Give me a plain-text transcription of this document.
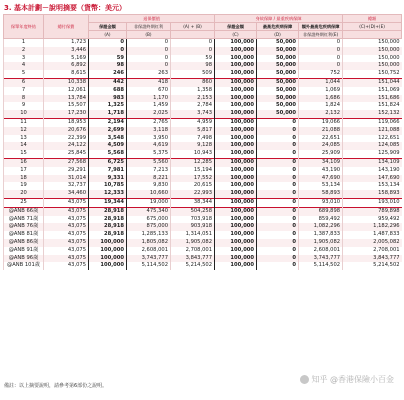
3. 基本計劃－說明摘要（貨幣：美元）
保單年度終結	總付保費	退保價值			身故保障 / 最重疾病保障			總額
		保證金額	非保證終期紅利	(A) + (B)	保證金額	最高危疾病保障	額外最高危疾病保障	(C)+(D)+(E)
		(A)	(B)		(C)	(D)	非保證終期紅利(E)	
1	1,723	0	0	0	100,000	50,000	0	150,000
2	3,446	0	0	0	100,000	50,000	0	150,000
3	5,169	59	0	59	100,000	50,000	0	150,000
4	6,892	98	0	98	100,000	50,000	0	150,000
5	8,615	246	263	509	100,000	50,000	752	150,752
6	10,338	442	418	860	100,000	50,000	1,044	151,044
7	12,061	688	670	1,358	100,000	50,000	1,069	151,069
8	13,784	983	1,170	2,153	100,000	50,000	1,686	151,686
9	15,507	1,325	1,459	2,784	100,000	50,000	1,824	151,824
10	17,230	1,718	2,025	3,743	100,000	50,000	2,132	152,132
11	18,953	2,194	2,765	4,959	100,000	0	19,066	119,066
12	20,676	2,699	3,118	5,817	100,000	0	21,088	121,088
13	22,399	3,548	3,950	7,498	100,000	0	22,651	122,651
14	24,122	4,509	4,619	9,128	100,000	0	24,085	124,085
15	25,845	5,568	5,375	10,943	100,000	0	25,909	125,909
16	27,568	6,725	5,560	12,285	100,000	0	34,109	134,109
17	29,291	7,981	7,213	15,194	100,000	0	43,190	143,190
18	31,014	9,331	8,221	17,552	100,000	0	47,690	147,690
19	32,737	10,785	9,830	20,615	100,000	0	53,134	153,134
20	34,460	12,333	10,660	22,993	100,000	0	58,893	158,893
25	43,075	19,344	19,000	38,344	100,000	0	93,010	193,010
@ANB 66歲	43,075	28,918	475,340	504,258	100,000	0	689,898	789,898
@ANB 71歲	43,075	28,918	675,000	703,918	100,000	0	859,492	959,492
@ANB 76歲	43,075	28,918	875,000	903,918	100,000	0	1,082,296	1,182,296
@ANB 81歲	43,075	28,918	1,285,133	1,314,051	100,000	0	1,387,833	1,487,833
@ANB 86歲	43,075	100,000	1,805,082	1,905,082	100,000	0	1,905,082	2,005,082
@ANB 91歲	43,075	100,000	2,608,001	2,708,001	100,000	0	2,608,001	2,708,001
@ANB 96歲	43,075	100,000	3,743,777	3,843,777	100,000	0	3,743,777	3,843,777
@ANB 101歲	43,075	100,000	5,114,502	5,214,502	100,000	0	5,114,502	5,214,502
備註：以上摘要說明，請參考第6部份之說明。
知乎 @香港保險小百金
